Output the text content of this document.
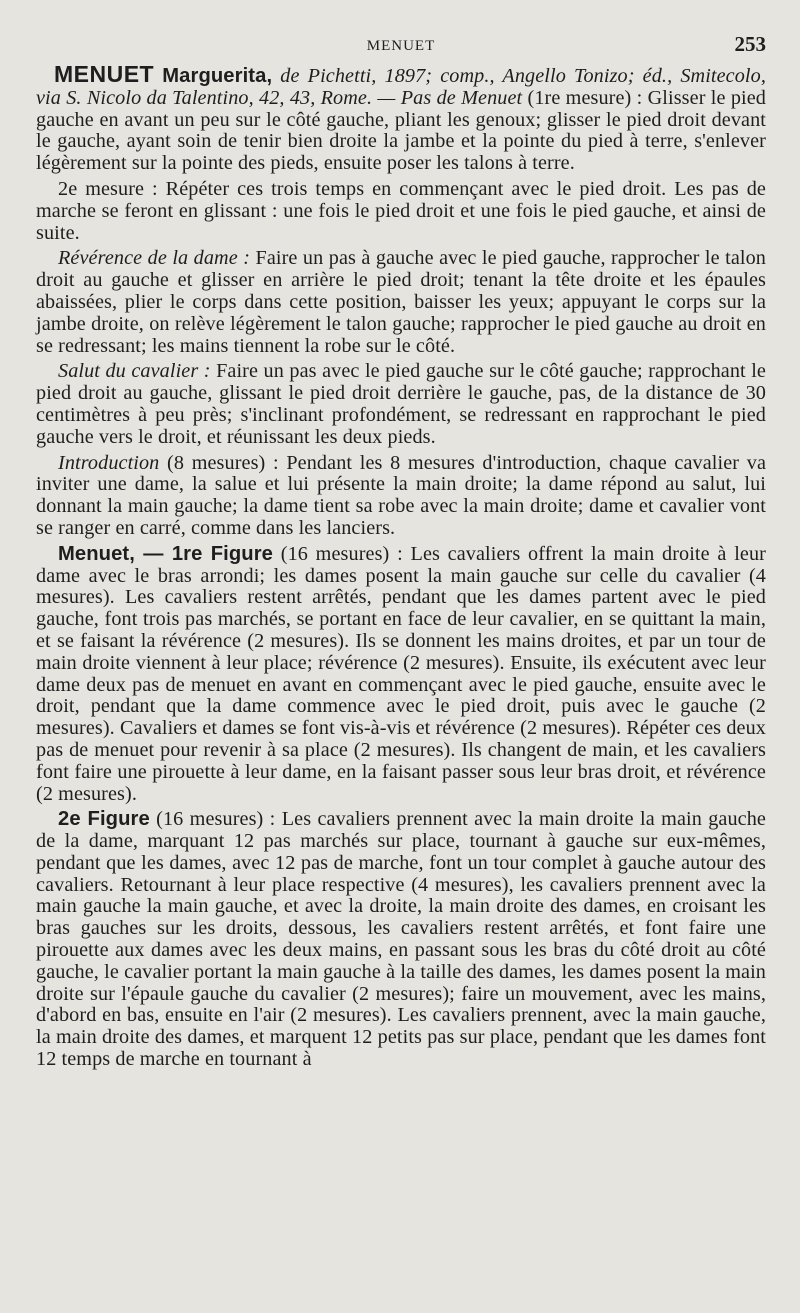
MENUET	253

MENUET Marguerita, de Pichetti, 1897; comp., Angello Tonizo; éd., Smitecolo, via S. Nicolo da Talentino, 42, 43, Rome. — Pas de Menuet (1re mesure) : Glisser le pied gauche en avant un peu sur le côté gauche, pliant les genoux; glisser le pied droit devant le gauche, ayant soin de tenir bien droite la jambe et la pointe du pied à terre, s'enlever légèrement sur la pointe des pieds, ensuite poser les talons à terre.

2e mesure : Répéter ces trois temps en commençant avec le pied droit. Les pas de marche se feront en glissant : une fois le pied droit et une fois le pied gauche, et ainsi de suite.

Révérence de la dame : Faire un pas à gauche avec le pied gauche, rapprocher le talon droit au gauche et glisser en arrière le pied droit; tenant la tête droite et les épaules abaissées, plier le corps dans cette position, baisser les yeux; appuyant le corps sur la jambe droite, on relève légèrement le talon gauche; rapprocher le pied gauche au droit en se redressant; les mains tiennent la robe sur le côté.

Salut du cavalier : Faire un pas avec le pied gauche sur le côté gauche; rapprochant le pied droit au gauche, glissant le pied droit derrière le gauche, pas, de la distance de 30 centimètres à peu près; s'inclinant profondément, se redressant en rapprochant le pied gauche vers le droit, et réunissant les deux pieds.

Introduction (8 mesures) : Pendant les 8 mesures d'introduction, chaque cavalier va inviter une dame, la salue et lui présente la main droite; la dame répond au salut, lui donnant la main gauche; la dame tient sa robe avec la main droite; dame et cavalier vont se ranger en carré, comme dans les lanciers.

Menuet, — 1re Figure (16 mesures) : Les cavaliers offrent la main droite à leur dame avec le bras arrondi; les dames posent la main gauche sur celle du cavalier (4 mesures). Les cavaliers restent arrêtés, pendant que les dames partent avec le pied gauche, font trois pas marchés, se portant en face de leur cavalier, en se quittant la main, et se faisant la révérence (2 mesures). Ils se donnent les mains droites, et par un tour de main droite viennent à leur place; révérence (2 mesures). Ensuite, ils exécutent avec leur dame deux pas de menuet en avant en commençant avec le pied gauche, ensuite avec le droit, pendant que la dame commence avec le pied droit, puis avec le gauche (2 mesures). Cavaliers et dames se font vis-à-vis et révérence (2 mesures). Répéter ces deux pas de menuet pour revenir à sa place (2 mesures). Ils changent de main, et les cavaliers font faire une pirouette à leur dame, en la faisant passer sous leur bras droit, et révérence (2 mesures).

2e Figure (16 mesures) : Les cavaliers prennent avec la main droite la main gauche de la dame, marquant 12 pas marchés sur place, tournant à gauche sur eux-mêmes, pendant que les dames, avec 12 pas de marche, font un tour complet à gauche autour des cavaliers. Retournant à leur place respective (4 mesures), les cavaliers prennent avec la main gauche la main gauche, et avec la droite, la main droite des dames, en croisant les bras gauches sur les droits, dessous, les cavaliers restent arrêtés, et font faire une pirouette aux dames avec les deux mains, en passant sous les bras du côté droit au côté gauche, le cavalier portant la main gauche à la taille des dames, les dames posent la main droite sur l'épaule gauche du cavalier (2 mesures); faire un mouvement, avec les mains, d'abord en bas, ensuite en l'air (2 mesures). Les cavaliers prennent, avec la main gauche, la main droite des dames, et marquent 12 petits pas sur place, pendant que les dames font 12 temps de marche en tournant à
